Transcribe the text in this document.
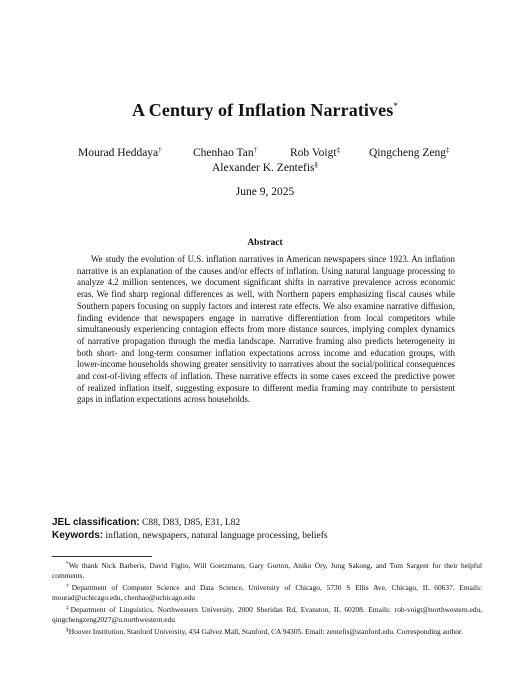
A Century of Inflation Narratives*
Mourad Heddaya†	Chenhao Tan†	Rob Voigt‡	Qingcheng Zeng‡
Alexander K. Zentefis§
June 9, 2025
Abstract
We study the evolution of U.S. inflation narratives in American newspapers since 1923. An inflation narrative is an explanation of the causes and/or effects of inflation. Using natural language processing to analyze 4.2 million sentences, we document significant shifts in narrative prevalence across economic eras. We find sharp regional differences as well, with Northern papers emphasizing fiscal causes while Southern papers focusing on supply factors and interest rate effects. We also examine narrative diffusion, finding evidence that newspapers engage in narrative differentiation from local competitors while simultaneously experiencing contagion effects from more distance sources, implying complex dynamics of narrative propagation through the media landscape. Narrative framing also predicts heterogeneity in both short- and long-term consumer inflation expectations across income and education groups, with lower-income households showing greater sensitivity to narratives about the social/political consequences and cost-of-living effects of inflation. These narrative effects in some cases exceed the predictive power of realized inflation itself, suggesting exposure to different media framing may contribute to persistent gaps in inflation expectations across households.
JEL classification: C88, D83, D85, E31, L82
Keywords: inflation, newspapers, natural language processing, beliefs

*We thank Nick Barberis, David Figlio, Will Goetzmann, Gary Gorton, Aniko Öry, Jung Sakong, and Tom Sargent for their helpful comments.

†Department of Computer Science and Data Science, University of Chicago, 5730 S Ellis Ave, Chicago, IL 60637. Emails: mourad@uchicago.edu, chenhao@uchicago.edu

‡Department of Linguistics, Northwestern University, 2000 Sheridan Rd, Evanston, IL 60208. Emails: rob-voigt@northwestern.edu, qingchengzeng2027@u.northwestern.edu

§Hoover Institution, Stanford University, 434 Galvez Mall, Stanford, CA 94305. Email: zentefis@stanford.edu. Corresponding author.
